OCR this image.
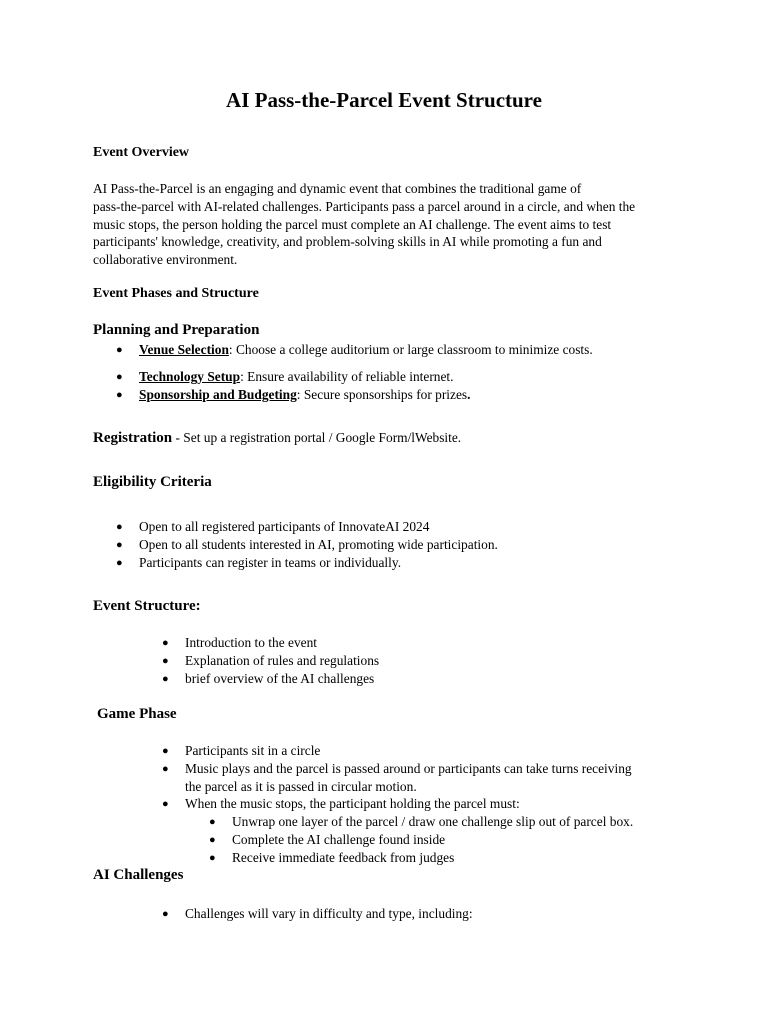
AI Pass-the-Parcel Event Structure
Event Overview
AI Pass-the-Parcel is an engaging and dynamic event that combines the traditional game of
pass-the-parcel with AI-related challenges. Participants pass a parcel around in a circle, and when the
music stops, the person holding the parcel must complete an AI challenge. The event aims to test
participants' knowledge, creativity, and problem-solving skills in AI while promoting a fun and
collaborative environment.
Event Phases and Structure
Planning and Preparation
● Venue Selection: Choose a college auditorium or large classroom to minimize costs.
● Technology Setup: Ensure availability of reliable internet.
● Sponsorship and Budgeting: Secure sponsorships for prizes.
Registration - Set up a registration portal / Google Form/lWebsite.
Eligibility Criteria
● Open to all registered participants of InnovateAI 2024
● Open to all students interested in AI, promoting wide participation.
● Participants can register in teams or individually.
Event Structure:
● Introduction to the event
● Explanation of rules and regulations
● brief overview of the AI challenges
Game Phase
● Participants sit in a circle
● Music plays and the parcel is passed around or participants can take turns receiving
the parcel as it is passed in circular motion.
● When the music stops, the participant holding the parcel must:
● Unwrap one layer of the parcel / draw one challenge slip out of parcel box.
● Complete the AI challenge found inside
● Receive immediate feedback from judges
AI Challenges
● Challenges will vary in difficulty and type, including:
